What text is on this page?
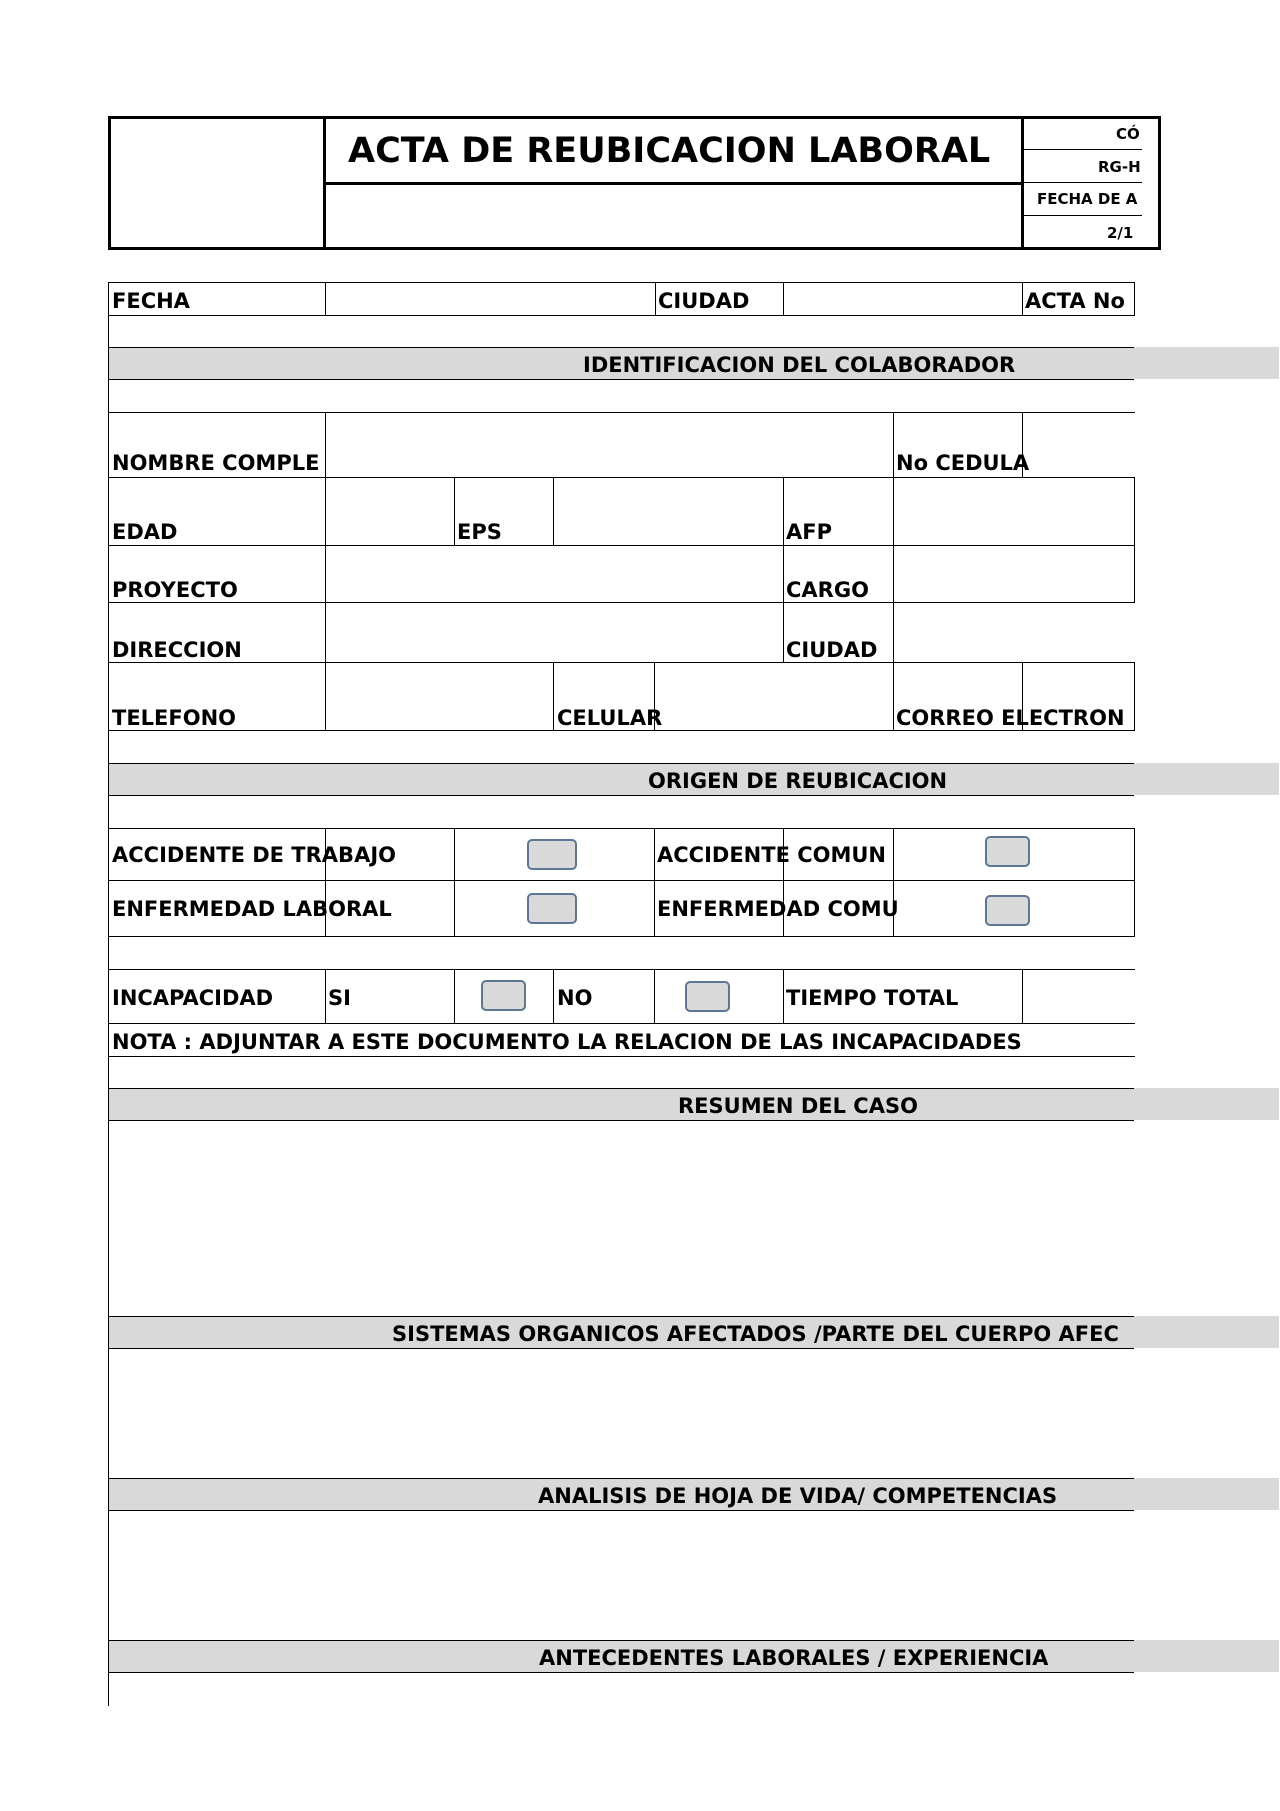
ACTA DE REUBICACION LABORAL	CÓ
RG-H
FECHA DE A
2/1
FECHA	CIUDAD	ACTA No
IDENTIFICACION DEL COLABORADOR
NOMBRE COMPLE	No CEDULA
EDAD	EPS	AFP
PROYECTO	CARGO
DIRECCION	CIUDAD
TELEFONO	CELULAR	CORREO ELECTRON
ORIGEN DE REUBICACION
ACCIDENTE DE TRABAJO	ACCIDENTE COMUN
ENFERMEDAD LABORAL	ENFERMEDAD COMU
INCAPACIDAD	SI	NO	TIEMPO TOTAL
NOTA : ADJUNTAR A ESTE DOCUMENTO LA RELACION DE LAS INCAPACIDADES
RESUMEN DEL CASO
SISTEMAS ORGANICOS AFECTADOS /PARTE DEL CUERPO AFEC
ANALISIS DE HOJA DE VIDA/ COMPETENCIAS
ANTECEDENTES LABORALES / EXPERIENCIA
